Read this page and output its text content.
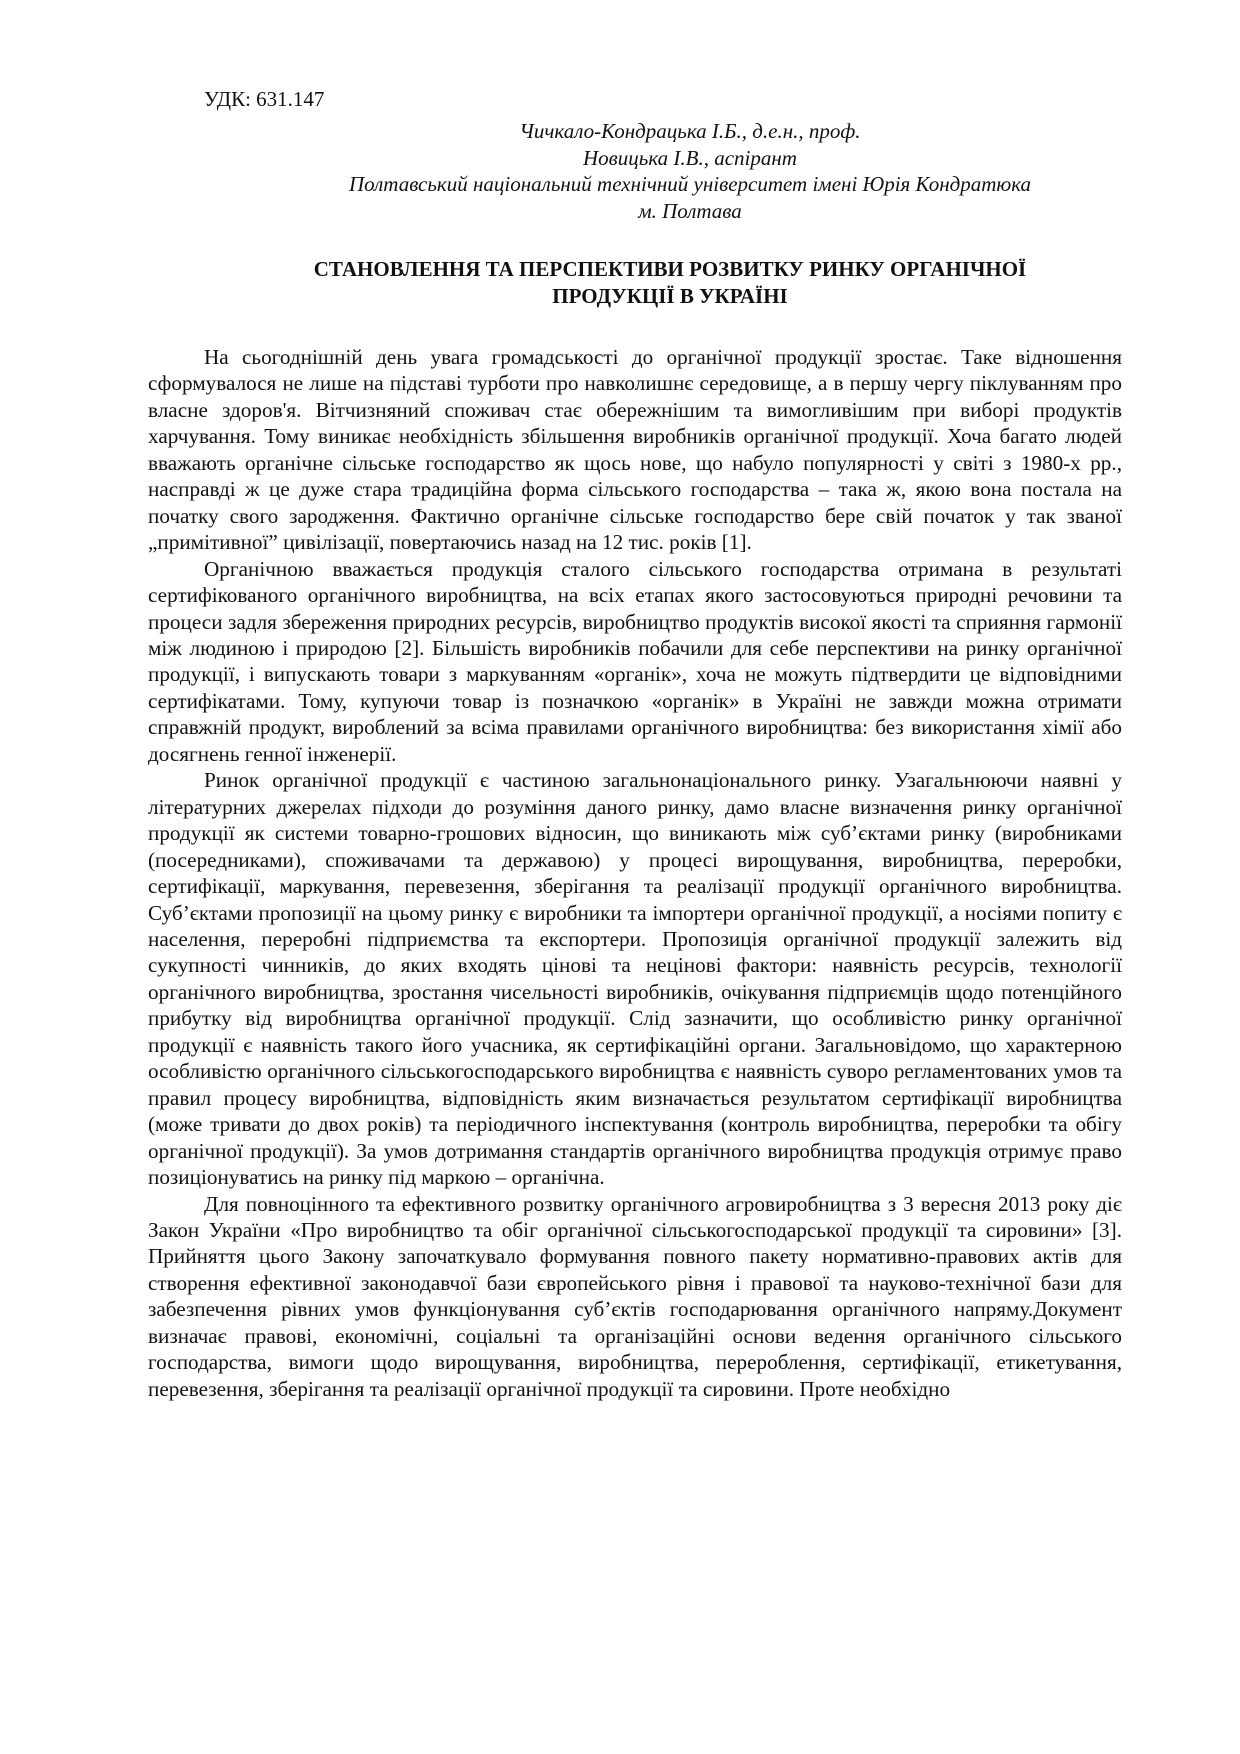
УДК: 631.147
Чичкало-Кондрацька І.Б., д.е.н., проф.
Новицька І.В., аспірант
Полтавський національний технічний університет імені Юрія Кондратюка
м. Полтава
СТАНОВЛЕННЯ ТА ПЕРСПЕКТИВИ РОЗВИТКУ РИНКУ ОРГАНІЧНОЇ
ПРОДУКЦІЇ В УКРАЇНІ

На сьогоднішній день увага громадськості до органічної продукції зростає. Таке відношення сформувалося не лише на підставі турботи про навколишнє середовище, а в першу чергу піклуванням про власне здоров'я. Вітчизняний споживач стає обережнішим та вимогливішим при виборі продуктів харчування. Тому виникає необхідність збільшення виробників органічної продукції. Хоча багато людей вважають органічне сільське господарство як щось нове, що набуло популярності у світі з 1980-х рр., насправді ж це дуже стара традиційна форма сільського господарства – така ж, якою вона постала на початку свого зародження. Фактично органічне сільське господарство бере свій початок у так званої „примітивної” цивілізації, повертаючись назад на 12 тис. років [1].

Органічною вважається продукція сталого сільського господарства отримана в результаті сертифікованого органічного виробництва, на всіх етапах якого застосовуються природні речовини та процеси задля збереження природних ресурсів, виробництво продуктів високої якості та сприяння гармонії між людиною і природою [2]. Більшість виробників побачили для себе перспективи на ринку органічної продукції, і випускають товари з маркуванням «органік», хоча не можуть підтвердити це відповідними сертифікатами. Тому, купуючи товар із позначкою «органік» в Україні не завжди можна отримати справжній продукт, вироблений за всіма правилами органічного виробництва: без використання хімії або досягнень генної інженерії.

Ринок органічної продукції є частиною загальнонаціонального ринку. Узагальнюючи наявні у літературних джерелах підходи до розуміння даного ринку, дамо власне визначення ринку органічної продукції як системи товарно-грошових відносин, що виникають між суб’єктами ринку (виробниками (посередниками), споживачами та державою) у процесі вирощування, виробництва, переробки, сертифікації, маркування, перевезення, зберігання та реалізації продукції органічного виробництва. Суб’єктами пропозиції на цьому ринку є виробники та імпортери органічної продукції, а носіями попиту є населення, переробні підприємства та експортери. Пропозиція органічної продукції залежить від сукупності чинників, до яких входять цінові та нецінові фактори: наявність ресурсів, технології органічного виробництва, зростання чисельності виробників, очікування підприємців щодо потенційного прибутку від виробництва органічної продукції. Слід зазначити, що особливістю ринку органічної продукції є наявність такого його учасника, як сертифікаційні органи. Загальновідомо, що характерною особливістю органічного сільськогосподарського виробництва є наявність суворо регламентованих умов та правил процесу виробництва, відповідність яким визначається результатом сертифікації виробництва (може тривати до двох років) та періодичного інспектування (контроль виробництва, переробки та обігу органічної продукції). За умов дотримання стандартів органічного виробництва продукція отримує право позиціонуватись на ринку під маркою – органічна.

Для повноцінного та ефективного розвитку органічного агровиробництва з 3 вересня 2013 року діє Закон України «Про виробництво та обіг органічної сільськогосподарської продукції та сировини» [3]. Прийняття цього Закону започаткувало формування повного пакету нормативно-правових актів для створення ефективної законодавчої бази європейського рівня і правової та науково-технічної бази для забезпечення рівних умов функціонування суб’єктів господарювання органічного напряму.Документ визначає правові, економічні, соціальні та організаційні основи ведення органічного сільського господарства, вимоги щодо вирощування, виробництва, перероблення, сертифікації, етикетування, перевезення, зберігання та реалізації органічної продукції та сировини. Проте необхідно
